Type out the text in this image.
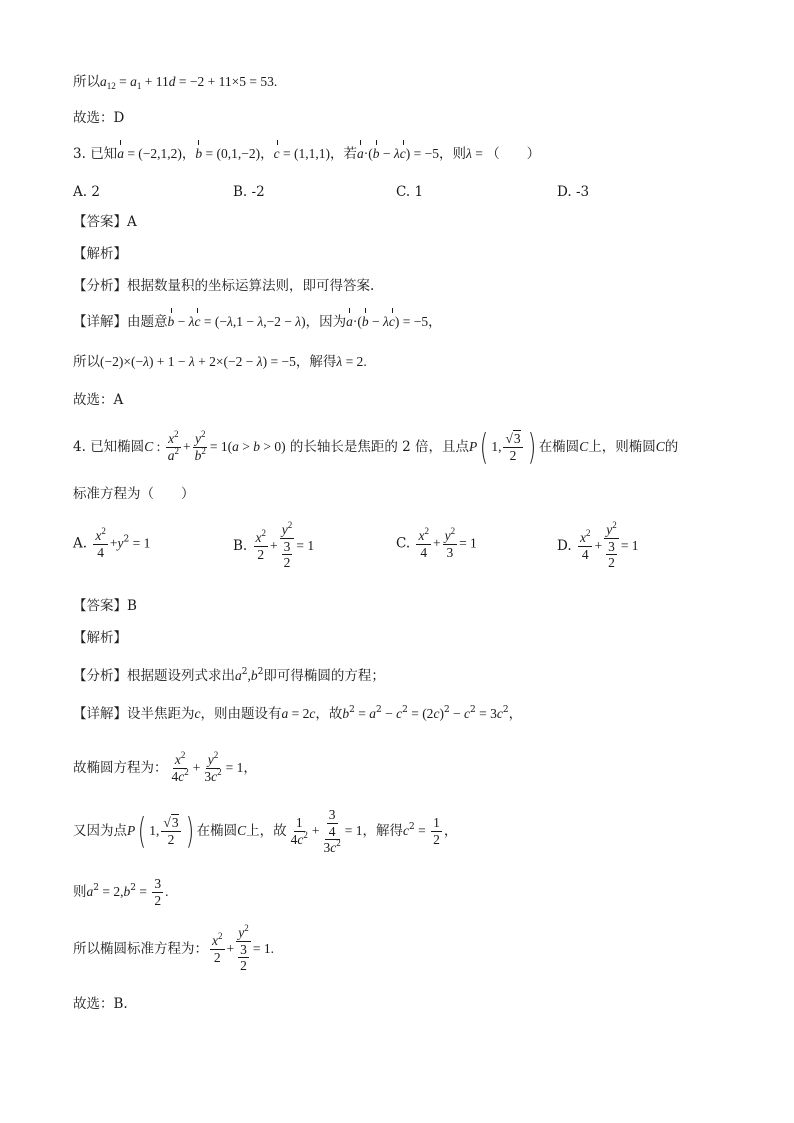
所以$a_{12} = a_1 + 11d = -2 + 11\times 5 = 53$.
故选：D
3. 已知a = (−2,1,2)，b = (0,1,−2)，c = (1,1,1)，若a·(b − λc) = −5，则λ = （　　）
A. 2	B. -2	C. 1	D. -3
【答案】A
【解析】
【分析】根据数量积的坐标运算法则，即可得答案.
【详解】由题意b − λc = (−λ,1 − λ,−2 − λ)，因为a·(b − λc) = −5，
所以(−2)×(−λ) + 1 − λ + 2×(−2 − λ) = −5，解得λ = 2.
故选：A
4. 已知椭圆C : $\frac{x^2}{a^2} + \frac{y^2}{b^2} = 1(a > b > 0)$ 的长轴长是焦距的 2 倍，且点P( 1, $\frac{√3}{2}$ ) 在椭圆C上，则椭圆C的
标准方程为（　　）
A. $\frac{x^2}{4} +y^2 = 1$	B. $\frac{x^2}{2} + \frac{y^2}{\frac{3}{2}} = 1$	C. $\frac{x^2}{4} + \frac{y^2}{3} = 1$	D. $\frac{x^2}{4} + \frac{y^2}{\frac{3}{2}} = 1$
【答案】B
【解析】
【分析】根据题设列式求出$a^2,b^2$即可得椭圆的方程；
【详解】设半焦距为c，则由题设有a = 2c，故$b^2 = a^2 - c^2 = (2c)^2 - c^2 = 3c^2$，
故椭圆方程为： $\frac{x^2}{4c^2} + \frac{y^2}{3c^2} = 1$，
又因为点P( 1, $\frac{√3}{2}$ ) 在椭圆C上，故 $\frac{1}{4c^2} + \frac{\frac{3}{4}}{3c^2} = 1$，解得$c^2 = \frac{1}{2}$ ，
则$a^2 = 2,b^2 = \frac{3}{2}$ .
所以椭圆标准方程为： $\frac{x^2}{2} + \frac{y^2}{\frac{3}{2}} = 1$.
故选：B.
